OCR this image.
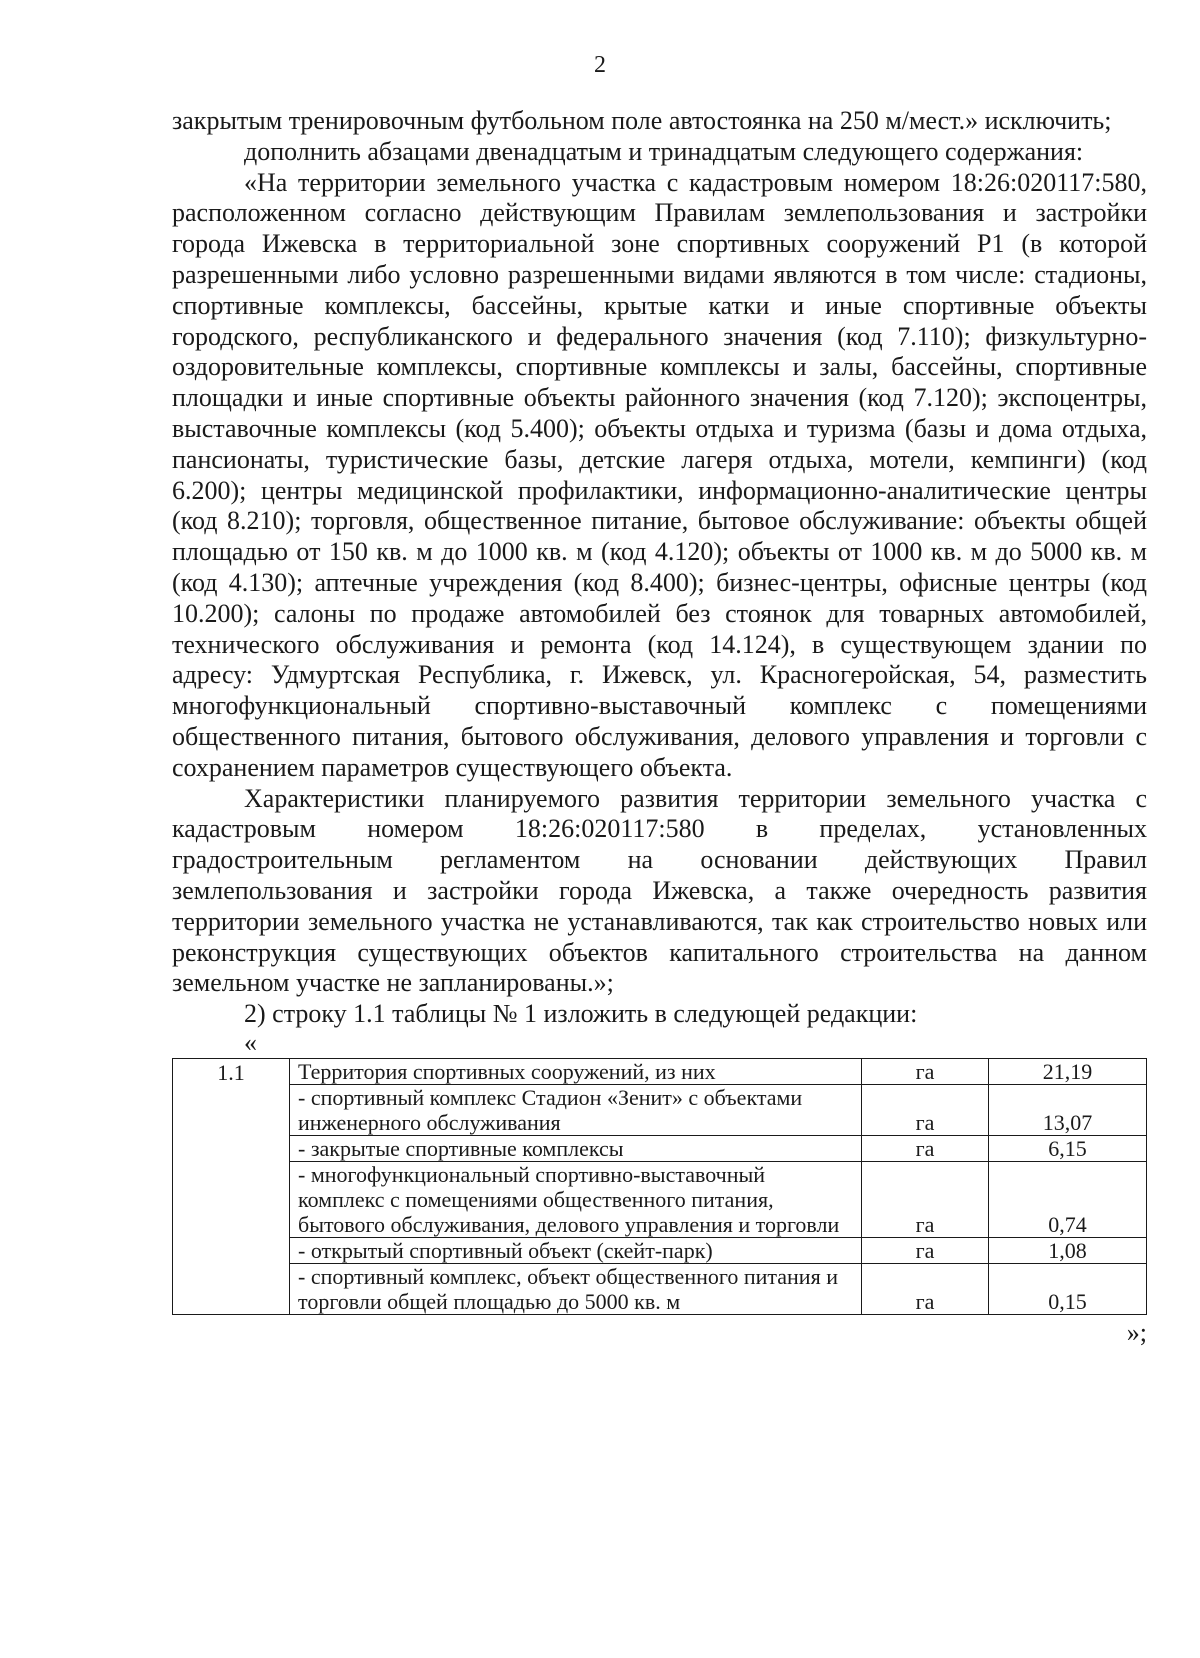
2

закрытым тренировочным футбольном поле автостоянка на 250 м/мест.» исключить;

дополнить абзацами двенадцатым и тринадцатым следующего содержания:

«На территории земельного участка с кадастровым номером 18:26:020117:580, расположенном согласно действующим Правилам землепользования и застройки города Ижевска в территориальной зоне спортивных сооружений Р1 (в которой разрешенными либо условно разрешенными видами являются в том числе: стадионы, спортивные комплексы, бассейны, крытые катки и иные спортивные объекты городского, республиканского и федерального значения (код 7.110); физкультурно-оздоровительные комплексы, спортивные комплексы и залы, бассейны, спортивные площадки и иные спортивные объекты районного значения (код 7.120); экспоцентры, выставочные комплексы (код 5.400); объекты отдыха и туризма (базы и дома отдыха, пансионаты, туристические базы, детские лагеря отдыха, мотели, кемпинги) (код 6.200); центры медицинской профилактики, информационно-аналитические центры (код 8.210); торговля, общественное питание, бытовое обслуживание: объекты общей площадью от 150 кв. м до 1000 кв. м (код 4.120); объекты от 1000 кв. м до 5000 кв. м (код 4.130); аптечные учреждения (код 8.400); бизнес-центры, офисные центры (код 10.200); салоны по продаже автомобилей без стоянок для товарных автомобилей, технического обслуживания и ремонта (код 14.124), в существующем здании по адресу: Удмуртская Республика, г. Ижевск, ул. Красногеройская, 54, разместить многофункциональный спортивно-выставочный комплекс с помещениями общественного питания, бытового обслуживания, делового управления и торговли с сохранением параметров существующего объекта.

Характеристики планируемого развития территории земельного участка с кадастровым номером 18:26:020117:580 в пределах, установленных градостроительным регламентом на основании действующих Правил землепользования и застройки города Ижевска, а также очередность развития территории земельного участка не устанавливаются, так как строительство новых или реконструкция существующих объектов капитального строительства на данном земельном участке не запланированы.»;

2) строку 1.1 таблицы № 1 изложить в следующей редакции:

«
1.1	Территория спортивных сооружений, из них	га	21,19
	- спортивный комплекс Стадион «Зенит» с объектами инженерного обслуживания	га	13,07
	- закрытые спортивные комплексы	га	6,15
	- многофункциональный спортивно-выставочный комплекс с помещениями общественного питания, бытового обслуживания, делового управления и торговли	га	0,74
	- открытый спортивный объект (скейт-парк)	га	1,08
	- спортивный комплекс, объект общественного питания и торговли общей площадью до 5000 кв. м	га	0,15
»;
